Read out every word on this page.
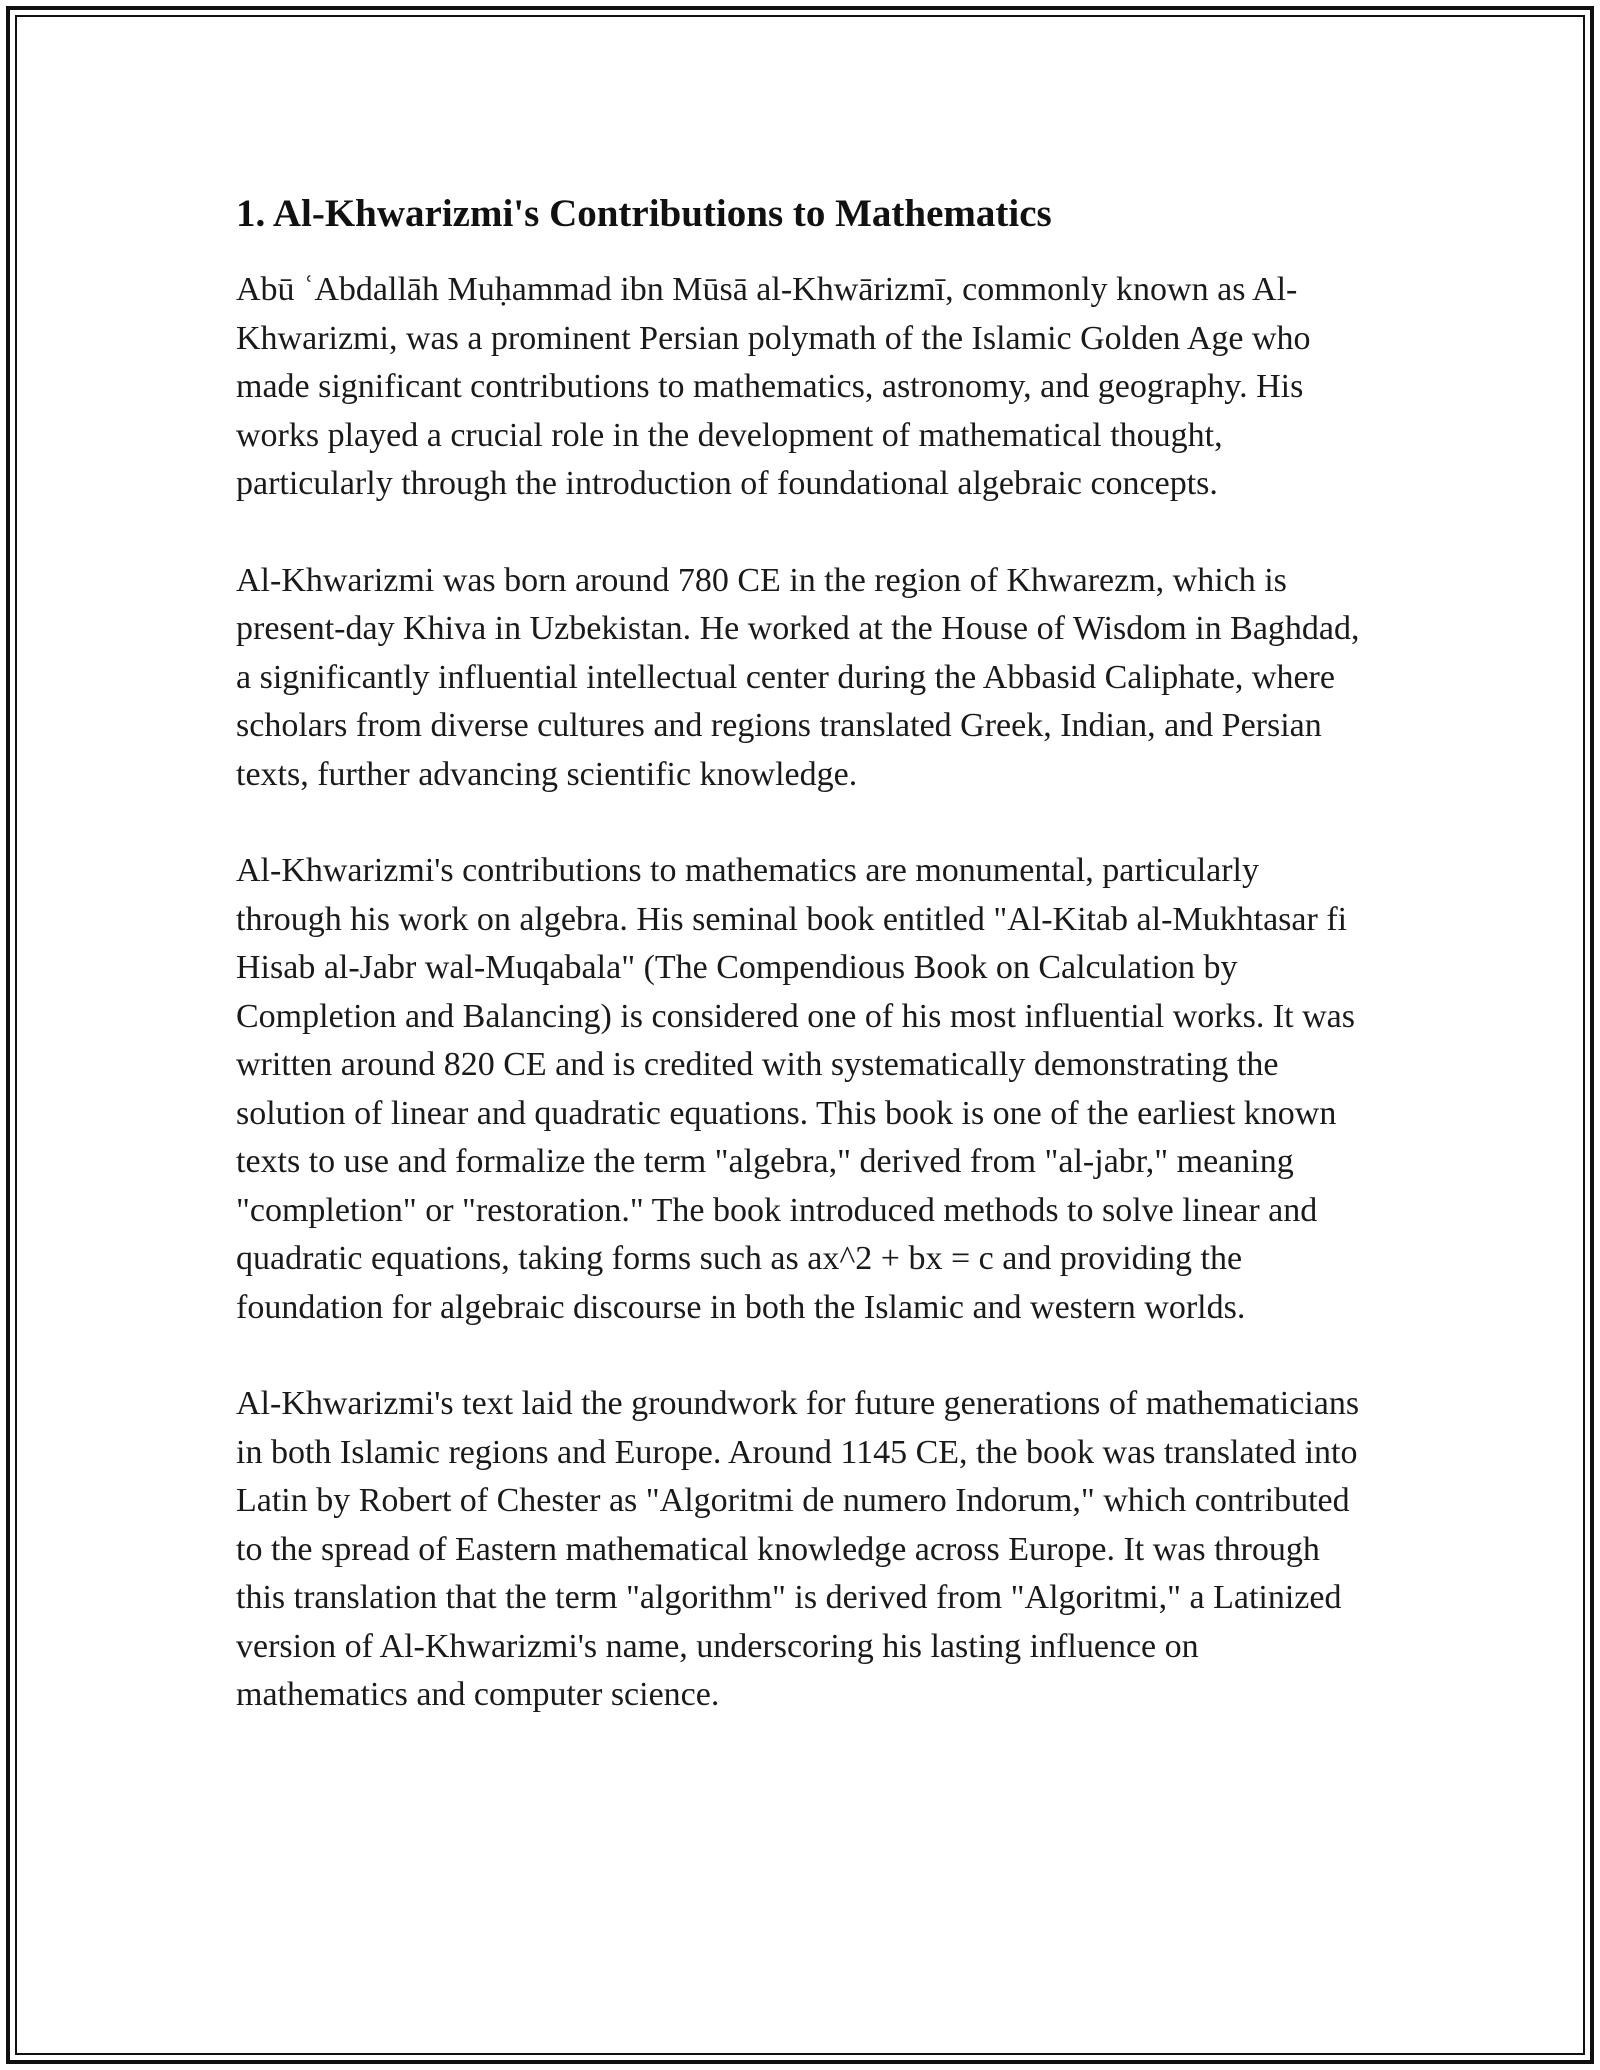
1. Al-Khwarizmi's Contributions to Mathematics

Abū ʿAbdallāh Muḥammad ibn Mūsā al-Khwārizmī, commonly known as Al-Khwarizmi, was a prominent Persian polymath of the Islamic Golden Age who made significant contributions to mathematics, astronomy, and geography. His works played a crucial role in the development of mathematical thought, particularly through the introduction of foundational algebraic concepts.

Al-Khwarizmi was born around 780 CE in the region of Khwarezm, which is present-day Khiva in Uzbekistan. He worked at the House of Wisdom in Baghdad, a significantly influential intellectual center during the Abbasid Caliphate, where scholars from diverse cultures and regions translated Greek, Indian, and Persian texts, further advancing scientific knowledge.

Al-Khwarizmi's contributions to mathematics are monumental, particularly through his work on algebra. His seminal book entitled "Al-Kitab al-Mukhtasar fi Hisab al-Jabr wal-Muqabala" (The Compendious Book on Calculation by Completion and Balancing) is considered one of his most influential works. It was written around 820 CE and is credited with systematically demonstrating the solution of linear and quadratic equations. This book is one of the earliest known texts to use and formalize the term "algebra," derived from "al-jabr," meaning "completion" or "restoration." The book introduced methods to solve linear and quadratic equations, taking forms such as ax^2 + bx = c and providing the foundation for algebraic discourse in both the Islamic and western worlds.

Al-Khwarizmi's text laid the groundwork for future generations of mathematicians in both Islamic regions and Europe. Around 1145 CE, the book was translated into Latin by Robert of Chester as "Algoritmi de numero Indorum," which contributed to the spread of Eastern mathematical knowledge across Europe. It was through this translation that the term "algorithm" is derived from "Algoritmi," a Latinized version of Al-Khwarizmi's name, underscoring his lasting influence on mathematics and computer science.
